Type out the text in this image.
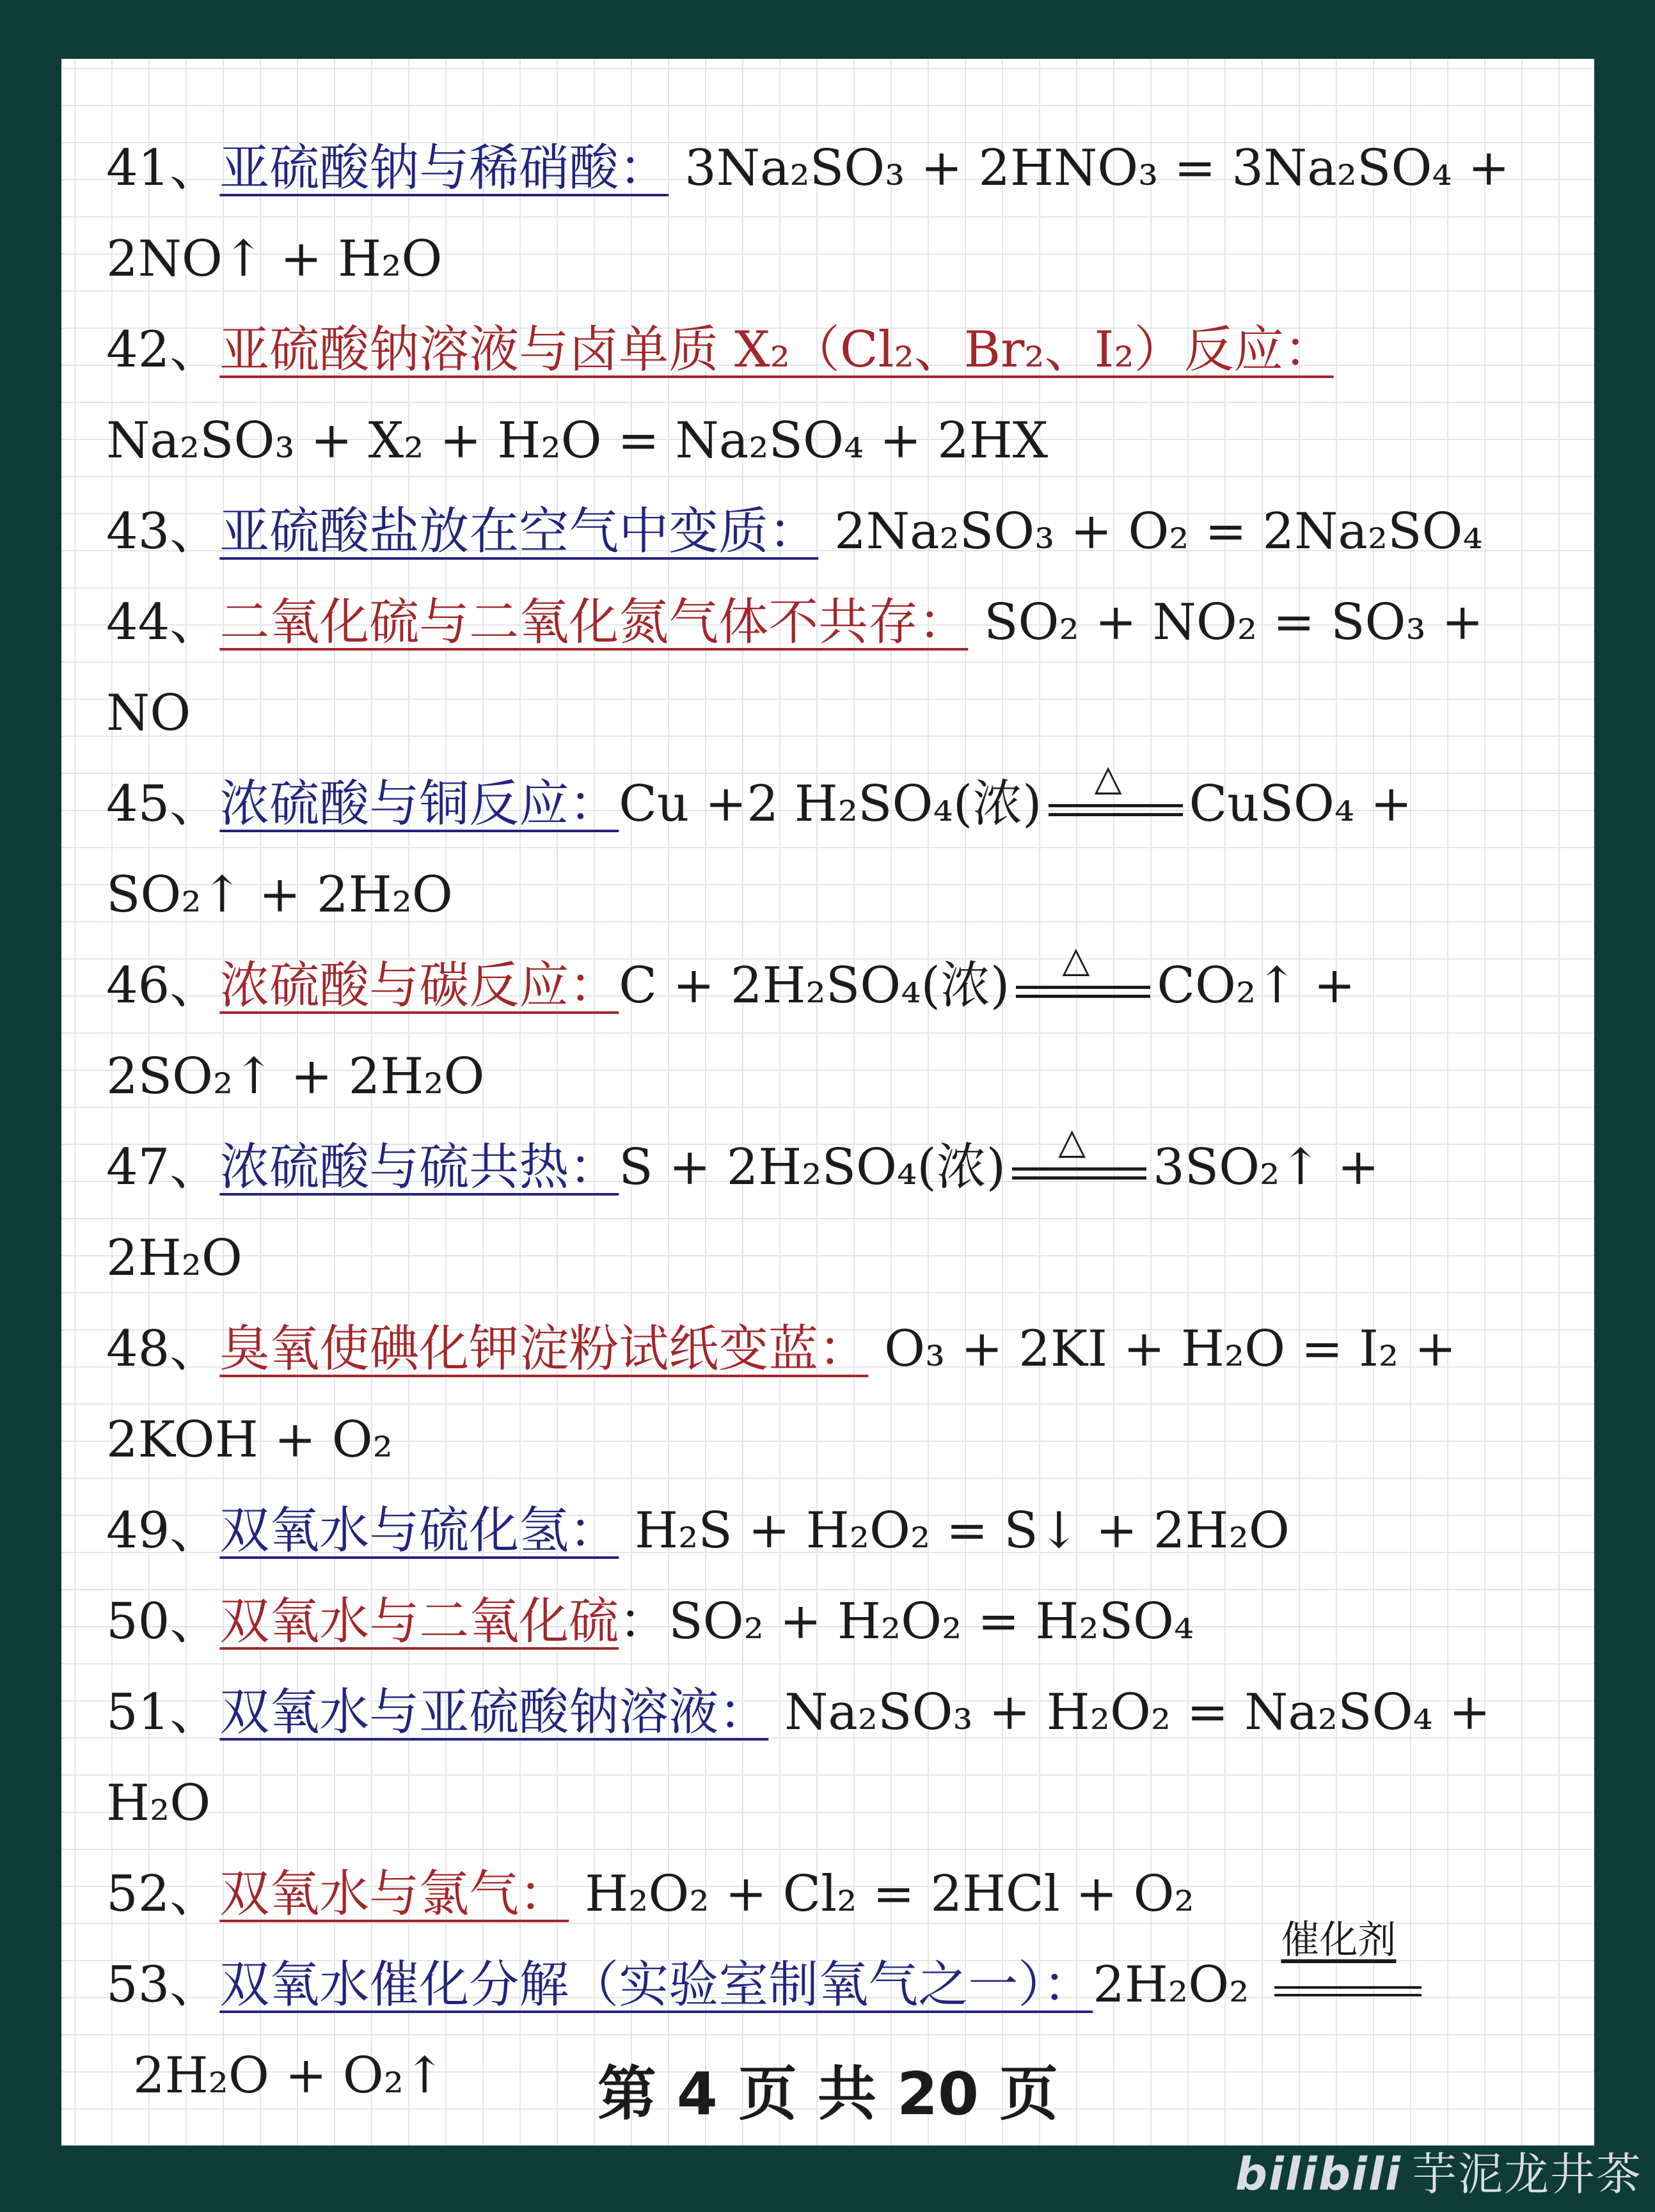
41、亚硫酸钠与稀硝酸： 3Na₂SO₃ + 2HNO₃ = 3Na₂SO₄ +
2NO↑ + H₂O
42、亚硫酸钠溶液与卤单质 X₂（Cl₂、Br₂、I₂）反应：
Na₂SO₃ + X₂ + H₂O = Na₂SO₄ + 2HX
43、亚硫酸盐放在空气中变质： 2Na₂SO₃ + O₂ = 2Na₂SO₄
44、二氧化硫与二氧化氮气体不共存： SO₂ + NO₂ = SO₃ +
NO
45、浓硫酸与铜反应：Cu +2 H₂SO₄(浓) △ CuSO₄ +
SO₂↑ + 2H₂O
46、浓硫酸与碳反应：C + 2H₂SO₄(浓) △ CO₂↑ +
2SO₂↑ + 2H₂O
47、浓硫酸与硫共热：S + 2H₂SO₄(浓) △ 3SO₂↑ +
2H₂O
48、臭氧使碘化钾淀粉试纸变蓝： O₃ + 2KI + H₂O = I₂ +
2KOH + O₂
49、双氧水与硫化氢： H₂S + H₂O₂ = S↓ + 2H₂O
50、双氧水与二氧化硫：SO₂ + H₂O₂ = H₂SO₄
51、双氧水与亚硫酸钠溶液： Na₂SO₃ + H₂O₂ = Na₂SO₄ +
H₂O
52、双氧水与氯气： H₂O₂ + Cl₂ = 2HCl + O₂
53、双氧水催化分解（实验室制氧气之一）：2H₂O₂
催化剂
2H₂O + O₂↑	第 4 页 共 20 页
bilibili 芋泥龙井茶
